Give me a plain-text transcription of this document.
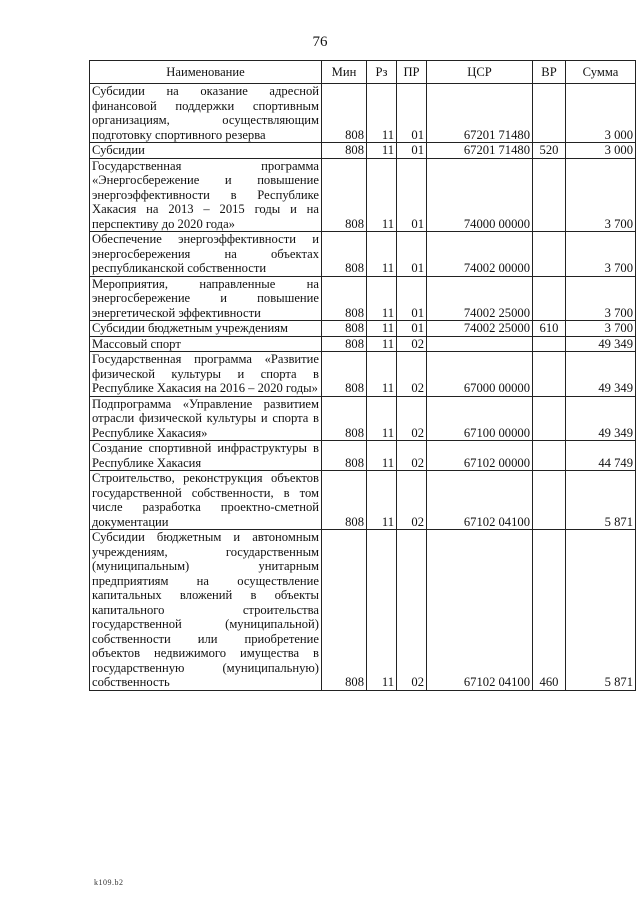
76
Наименование	Мин	Рз	ПР	ЦСР	ВР	Сумма
Субсидии на оказание адресной финансовой поддержки спортивным организациям, осуществляющим подготовку спортивного резерва	808	11	01	67201 71480		3 000
Субсидии	808	11	01	67201 71480	520	3 000
Государственная программа «Энергосбережение и повышение энергоэффективности в Республике Хакасия на 2013 – 2015 годы и на перспективу до 2020 года»	808	11	01	74000 00000		3 700
Обеспечение энергоэффективности и энергосбережения на объектах республиканской собственности	808	11	01	74002 00000		3 700
Мероприятия, направленные на энергосбережение и повышение энергетической эффективности	808	11	01	74002 25000		3 700
Субсидии бюджетным учреждениям	808	11	01	74002 25000	610	3 700
Массовый спорт	808	11	02			49 349
Государственная программа «Развитие физической культуры и спорта в Республике Хакасия на 2016 – 2020 годы»	808	11	02	67000 00000		49 349
Подпрограмма «Управление развитием отрасли физической культуры и спорта в Республике Хакасия»	808	11	02	67100 00000		49 349
Создание спортивной инфраструктуры в Республике Хакасия	808	11	02	67102 00000		44 749
Строительство, реконструкция объектов государственной собственности, в том числе разработка проектно-сметной документации	808	11	02	67102 04100		5 871
Субсидии бюджетным и автономным учреждениям, государственным (муниципальным) унитарным предприятиям на осуществление капитальных вложений в объекты капитального строительства государственной (муниципальной) собственности или приобретение объектов недвижимого имущества в государственную (муниципальную) собственность	808	11	02	67102 04100	460	5 871
k109.b2
